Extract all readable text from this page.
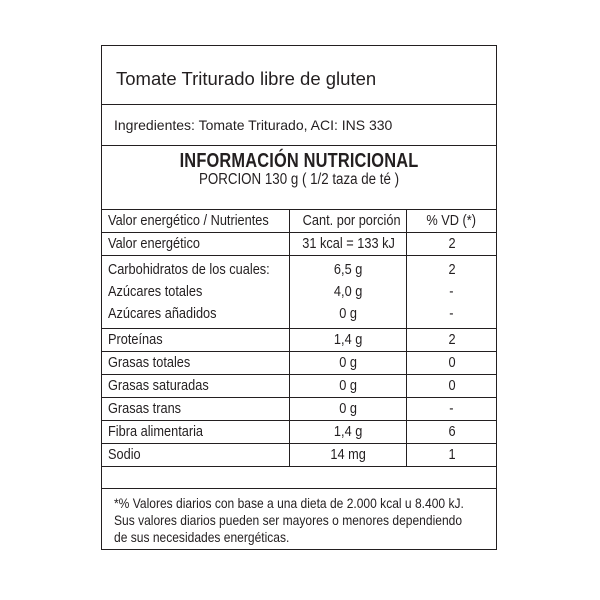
Tomate Triturado libre de gluten
Ingredientes: Tomate Triturado, ACI: INS 330
INFORMACIÓN NUTRICIONAL
PORCION 130 g ( 1/2 taza de té )
Valor energético / Nutrientes	Cant. por porción	% VD (*)
Valor energético	31 kcal = 133 kJ	2
Carbohidratos de los cuales:	6,5 g	2
Azúcares totales	4,0 g	-
Azúcares añadidos	0 g	-
Proteínas	1,4 g	2
Grasas totales	0 g	0
Grasas saturadas	0 g	0
Grasas trans	0 g	-
Fibra alimentaria	1,4 g	6
Sodio	14 mg	1
*% Valores diarios con base a una dieta de 2.000 kcal u 8.400 kJ.
Sus valores diarios pueden ser mayores o menores dependiendo
de sus necesidades energéticas.
